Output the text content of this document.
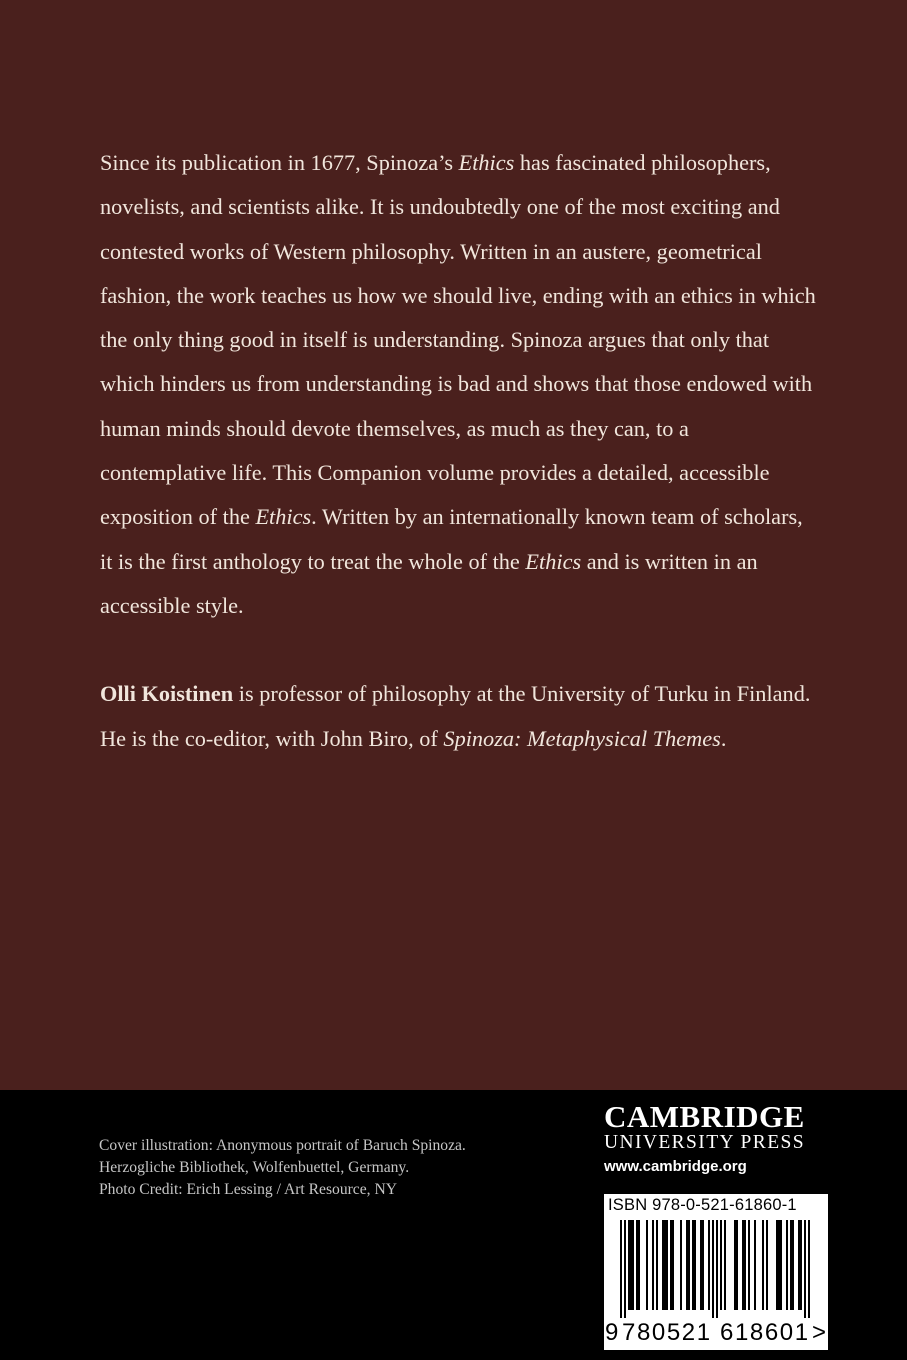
Since its publication in 1677, Spinoza’s Ethics has fascinated philosophers, novelists, and scientists alike. It is undoubtedly one of the most exciting and contested works of Western philosophy. Written in an austere, geometrical fashion, the work teaches us how we should live, ending with an ethics in which the only thing good in itself is understanding. Spinoza argues that only that which hinders us from understanding is bad and shows that those endowed with human minds should devote themselves, as much as they can, to a contemplative life. This Companion volume provides a detailed, accessible exposition of the Ethics. Written by an internationally known team of scholars, it is the first anthology to treat the whole of the Ethics and is written in an accessible style.

Olli Koistinen is professor of philosophy at the University of Turku in Finland. He is the co-editor, with John Biro, of Spinoza: Metaphysical Themes.

Cover illustration: Anonymous portrait of Baruch Spinoza.
Herzogliche Bibliothek, Wolfenbuettel, Germany.
Photo Credit: Erich Lessing / Art Resource, NY
CAMBRIDGE
UNIVERSITY PRESS
www.cambridge.org
ISBN 978-0-521-61860-1
9 780521 618601 >
